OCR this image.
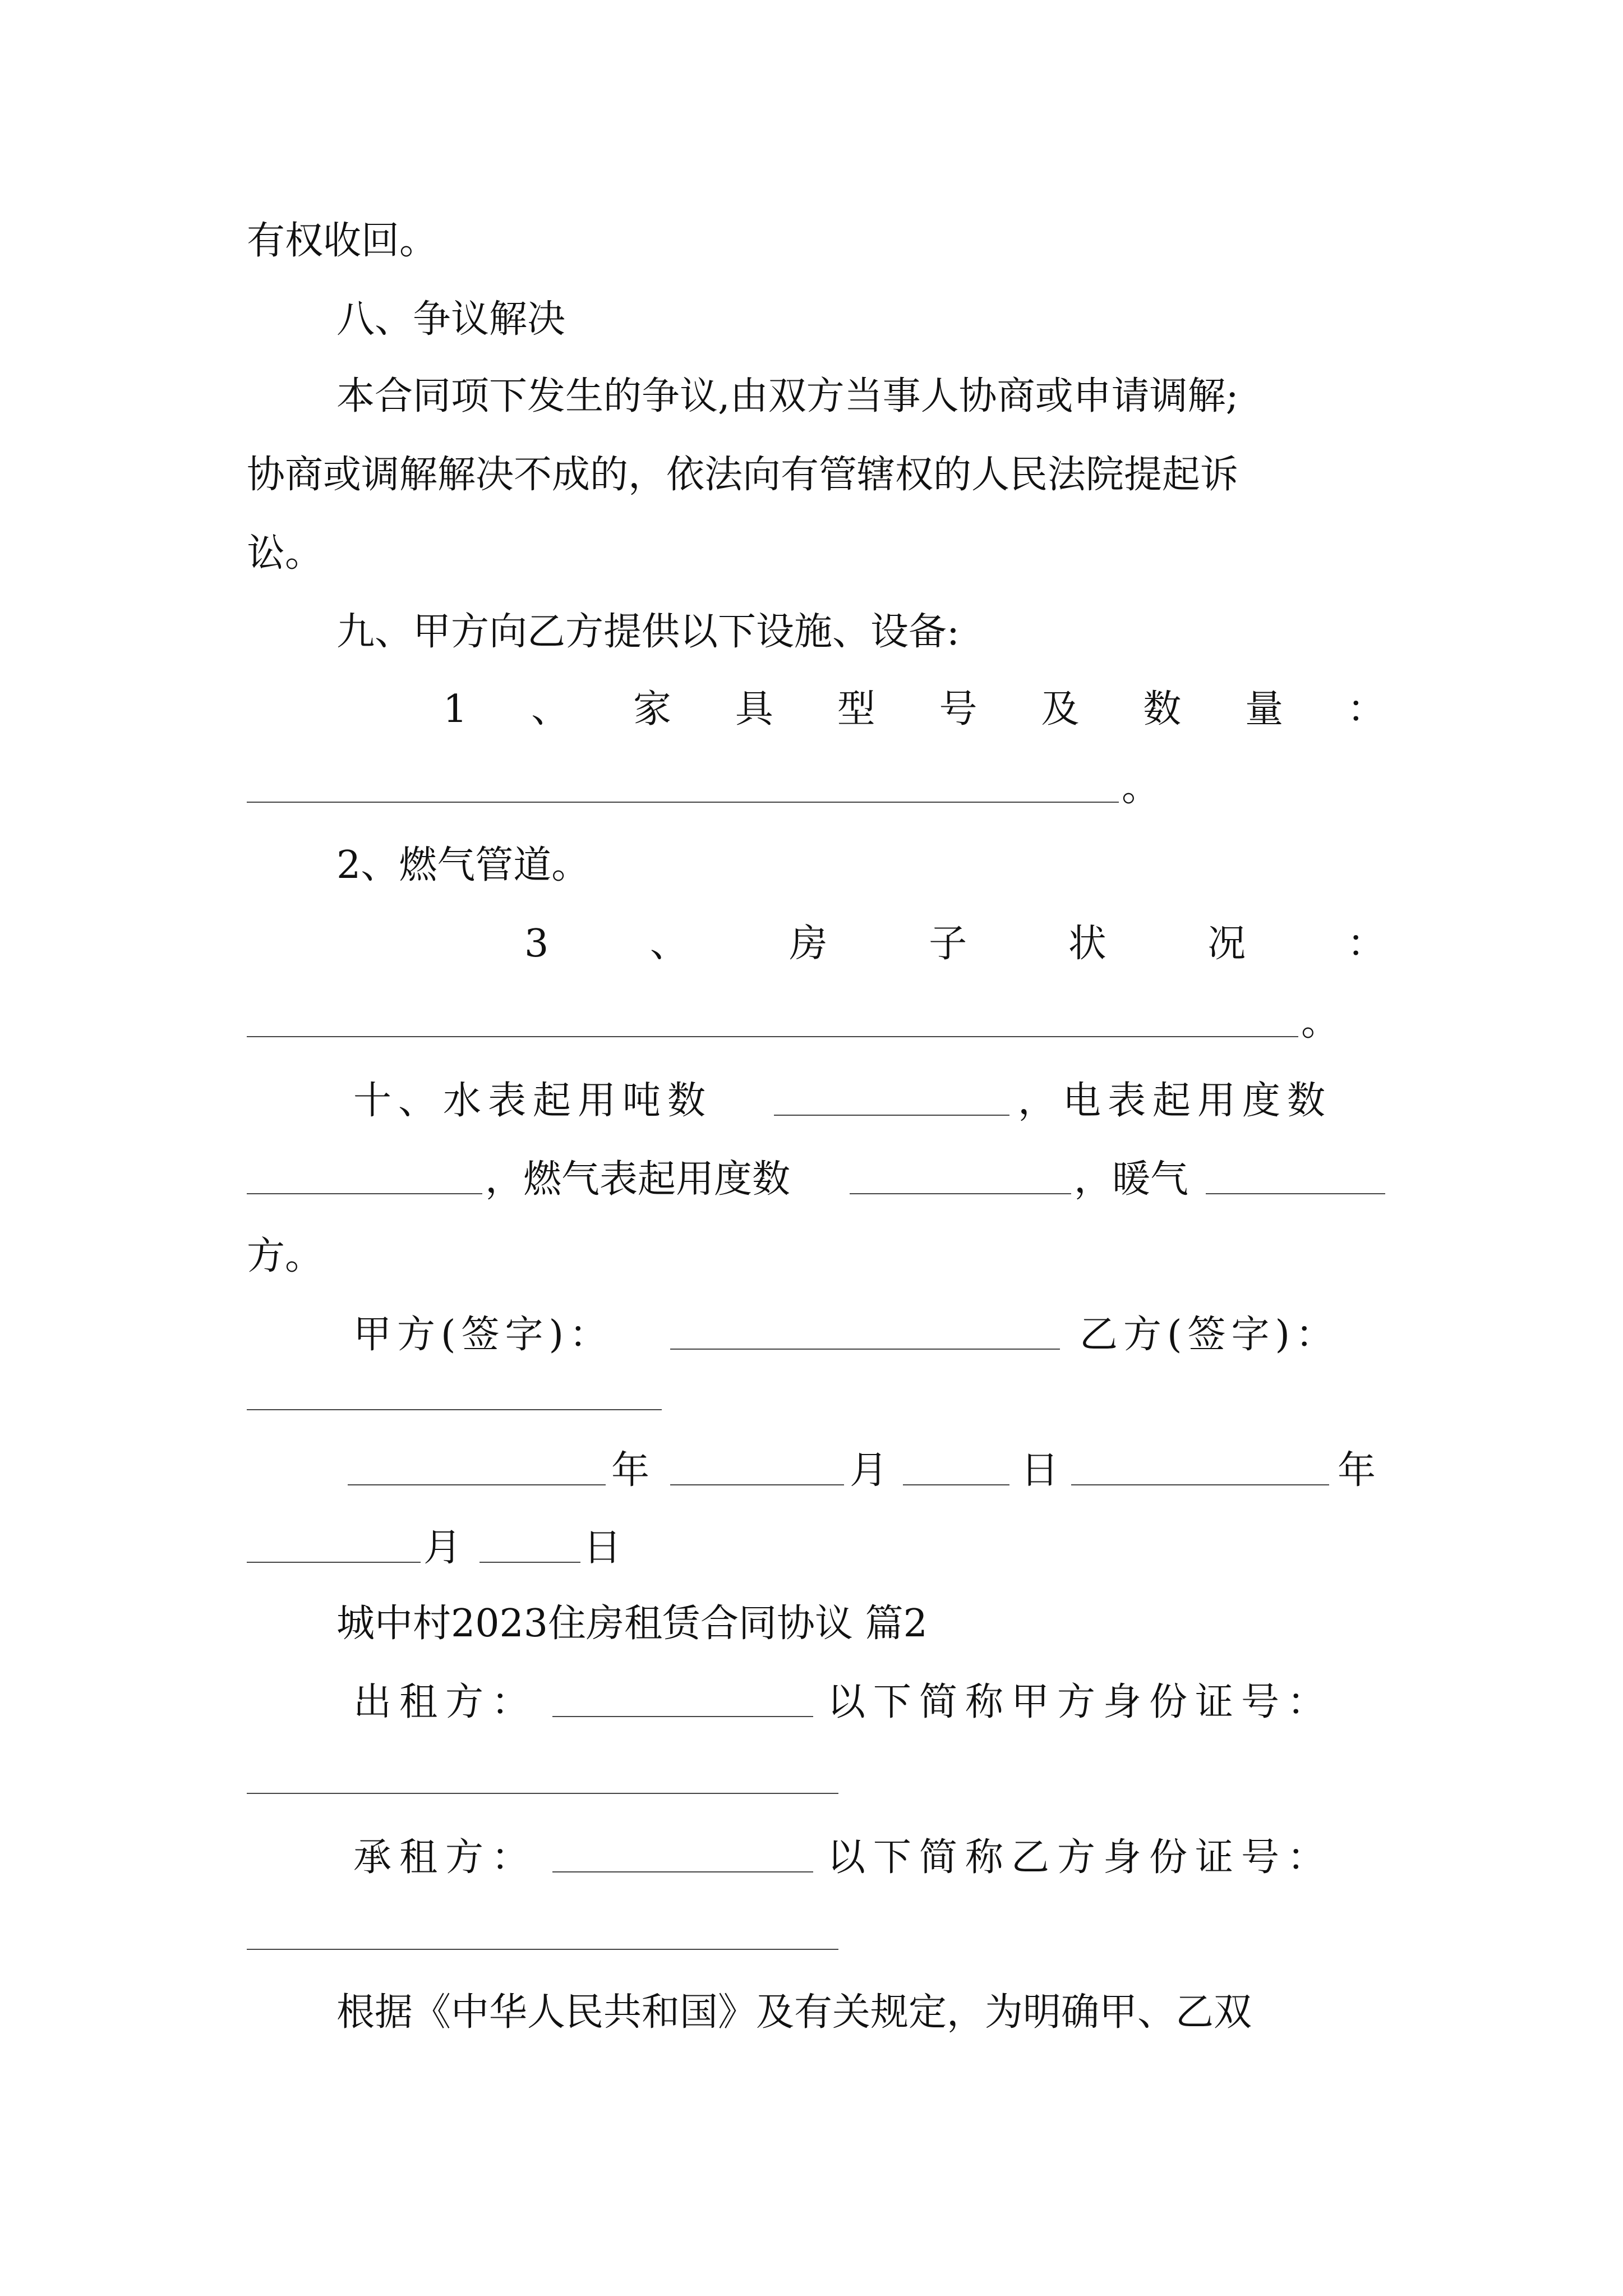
有权收回。
八、争议解决
本合同项下发生的争议,由双方当事人协商或申请调解;
协商或调解解决不成的，依法向有管辖权的人民法院提起诉
讼。
九、甲方向乙方提供以下设施、设备:
1 、 家 具 型 号 及 数 量 ：
。
2、燃气管道。
3	、	房	子	状	况	：
。
十、水表起用吨数	，电表起用度数
，燃气表起用度数	，暖气
方。
甲方(签字)：	乙方(签字)：
年	月	日	年
月	日
城中村2023住房租赁合同协议 篇2
出租方：	以下简称甲方身份证号：
承租方：	以下简称乙方身份证号：
根据《中华人民共和国》及有关规定，为明确甲、乙双
